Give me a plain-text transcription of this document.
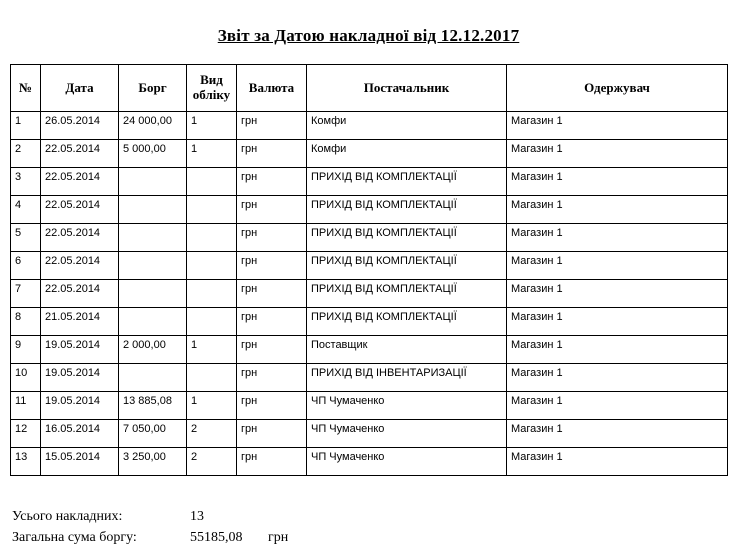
Звіт за Датою накладної від 12.12.2017
№	Дата	Борг	Вид обліку	Валюта	Постачальник	Одержувач
1	26.05.2014	24 000,00	1	грн	Комфи	Магазин 1
2	22.05.2014	5 000,00	1	грн	Комфи	Магазин 1
3	22.05.2014			грн	ПРИХІД ВІД КОМПЛЕКТАЦІЇ	Магазин 1
4	22.05.2014			грн	ПРИХІД ВІД КОМПЛЕКТАЦІЇ	Магазин 1
5	22.05.2014			грн	ПРИХІД ВІД КОМПЛЕКТАЦІЇ	Магазин 1
6	22.05.2014			грн	ПРИХІД ВІД КОМПЛЕКТАЦІЇ	Магазин 1
7	22.05.2014			грн	ПРИХІД ВІД КОМПЛЕКТАЦІЇ	Магазин 1
8	21.05.2014			грн	ПРИХІД ВІД КОМПЛЕКТАЦІЇ	Магазин 1
9	19.05.2014	2 000,00	1	грн	Поставщик	Магазин 1
10	19.05.2014			грн	ПРИХІД ВІД ІНВЕНТАРИЗАЦІЇ	Магазин 1
11	19.05.2014	13 885,08	1	грн	ЧП Чумаченко	Магазин 1
12	16.05.2014	7 050,00	2	грн	ЧП Чумаченко	Магазин 1
13	15.05.2014	3 250,00	2	грн	ЧП Чумаченко	Магазин 1
Усього накладних:	13
Загальна сума боргу:	55185,08	грн
